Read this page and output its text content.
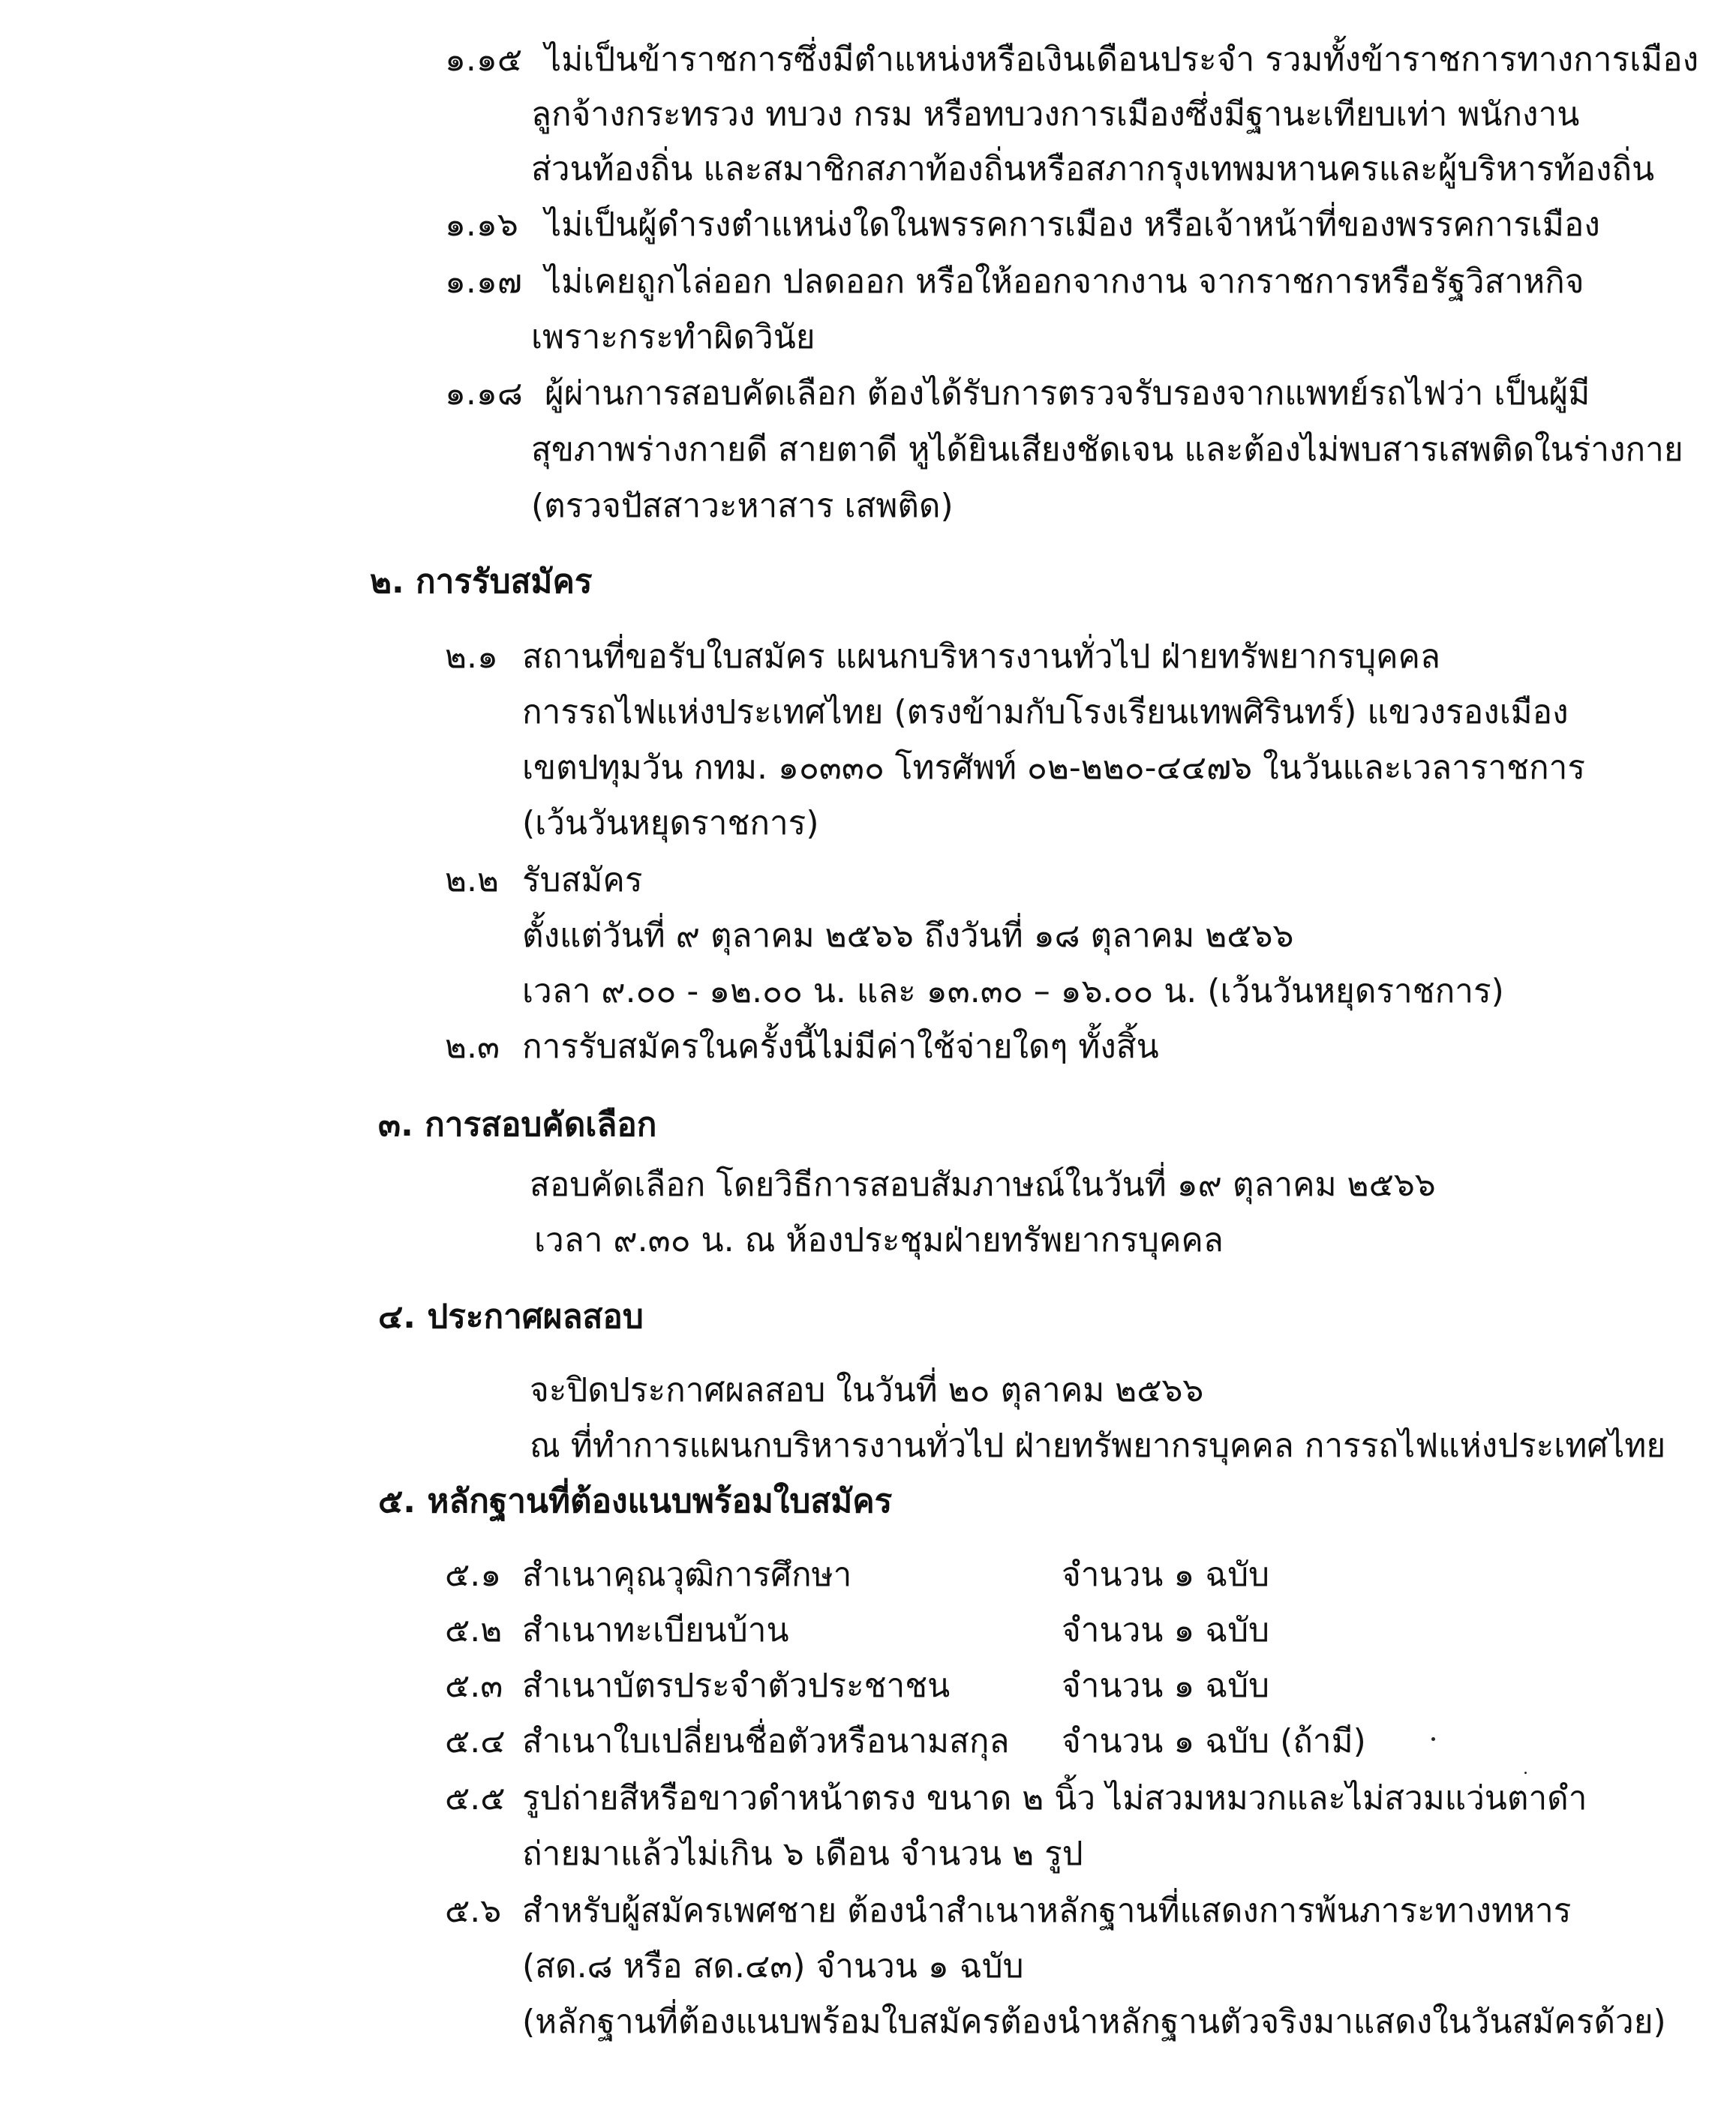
๑.๑๕ ไม่เป็นข้าราชการซึ่งมีตำแหน่งหรือเงินเดือนประจำ รวมทั้งข้าราชการทางการเมือง
ลูกจ้างกระทรวง ทบวง กรม หรือทบวงการเมืองซึ่งมีฐานะเทียบเท่า พนักงาน
ส่วนท้องถิ่น และสมาชิกสภาท้องถิ่นหรือสภากรุงเทพมหานครและผู้บริหารท้องถิ่น
๑.๑๖ ไม่เป็นผู้ดำรงตำแหน่งใดในพรรคการเมือง หรือเจ้าหน้าที่ของพรรคการเมือง
๑.๑๗ ไม่เคยถูกไล่ออก ปลดออก หรือให้ออกจากงาน จากราชการหรือรัฐวิสาหกิจ
เพราะกระทำผิดวินัย
๑.๑๘ ผู้ผ่านการสอบคัดเลือก ต้องได้รับการตรวจรับรองจากแพทย์รถไฟว่า เป็นผู้มี
สุขภาพร่างกายดี สายตาดี หูได้ยินเสียงชัดเจน และต้องไม่พบสารเสพติดในร่างกาย
(ตรวจปัสสาวะหาสาร เสพติด)
๒. การรับสมัคร
๒.๑ สถานที่ขอรับใบสมัคร แผนกบริหารงานทั่วไป ฝ่ายทรัพยากรบุคคล
การรถไฟแห่งประเทศไทย (ตรงข้ามกับโรงเรียนเทพศิรินทร์) แขวงรองเมือง
เขตปทุมวัน กทม. ๑๐๓๓๐ โทรศัพท์ ๐๒-๒๒๐-๔๔๗๖ ในวันและเวลาราชการ
(เว้นวันหยุดราชการ)
๒.๒ รับสมัคร
ตั้งแต่วันที่ ๙ ตุลาคม ๒๕๖๖ ถึงวันที่ ๑๘ ตุลาคม ๒๕๖๖
เวลา ๙.๐๐ - ๑๒.๐๐ น. และ ๑๓.๓๐ – ๑๖.๐๐ น. (เว้นวันหยุดราชการ)
๒.๓ การรับสมัครในครั้งนี้ไม่มีค่าใช้จ่ายใดๆ ทั้งสิ้น
๓. การสอบคัดเลือก
สอบคัดเลือก โดยวิธีการสอบสัมภาษณ์ในวันที่ ๑๙ ตุลาคม ๒๕๖๖
เวลา ๙.๓๐ น. ณ ห้องประชุมฝ่ายทรัพยากรบุคคล
๔. ประกาศผลสอบ
จะปิดประกาศผลสอบ ในวันที่ ๒๐ ตุลาคม ๒๕๖๖
ณ ที่ทำการแผนกบริหารงานทั่วไป ฝ่ายทรัพยากรบุคคล การรถไฟแห่งประเทศไทย
๕. หลักฐานที่ต้องแนบพร้อมใบสมัคร
๕.๑ สำเนาคุณวุฒิการศึกษา	จำนวน ๑ ฉบับ
๕.๒ สำเนาทะเบียนบ้าน	จำนวน ๑ ฉบับ
๕.๓ สำเนาบัตรประจำตัวประชาชน	จำนวน ๑ ฉบับ
๕.๔ สำเนาใบเปลี่ยนชื่อตัวหรือนามสกุล จำนวน ๑ ฉบับ (ถ้ามี)
๕.๕ รูปถ่ายสีหรือขาวดำหน้าตรง ขนาด ๒ นิ้ว ไม่สวมหมวกและไม่สวมแว่นตาดำ
ถ่ายมาแล้วไม่เกิน ๖ เดือน จำนวน ๒ รูป
๕.๖ สำหรับผู้สมัครเพศชาย ต้องนำสำเนาหลักฐานที่แสดงการพ้นภาระทางทหาร
(สด.๘ หรือ สด.๔๓) จำนวน ๑ ฉบับ
(หลักฐานที่ต้องแนบพร้อมใบสมัครต้องนำหลักฐานตัวจริงมาแสดงในวันสมัครด้วย)
